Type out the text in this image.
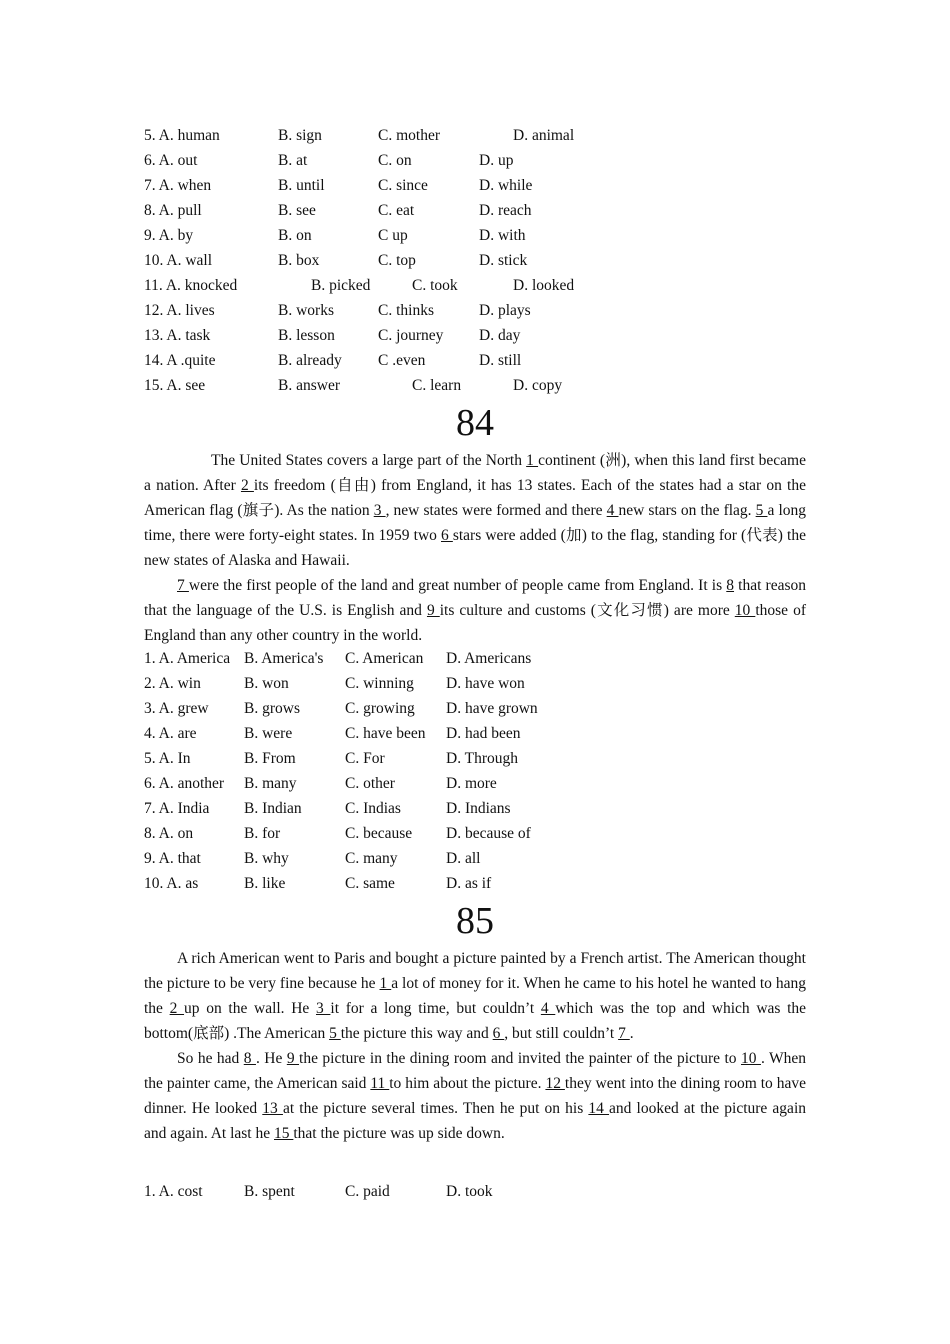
5. A. human	B. sign	C. mother	D. animal
6. A. out	B. at	C. on	D. up
7. A. when	B. until	C. since	D. while
8. A. pull	B. see	C. eat	D. reach
9. A. by	B. on	C up	D. with
10. A. wall	B. box	C. top	D. stick
11. A. knocked	B. picked	C. took	D. looked
12. A. lives	B. works	C. thinks	D. plays
13. A. task	B. lesson	C. journey D. day
14. A .quite	B. already C .even	D. still
15. A. see	B. answer	C. learn	D. copy
84

The United States covers a large part of the North 1 continent (洲), when this land first became a nation. After 2 its freedom (自由) from England, it has 13 states. Each of the states had a star on the American flag (旗子). As the nation 3 , new states were formed and there 4 new stars on the flag. 5 a long time, there were forty-eight states. In 1959 two 6 stars were added (加) to the flag, standing for (代表) the new states of Alaska and Hawaii.

7 were the first people of the land and great number of people came from England. It is 8 that reason that the language of the U.S. is English and 9 its culture and customs (文化习惯) are more 10 those of England than any other country in the world.

1. A. America B. America's C. American D. Americans
2. A. win	B. won	C. winning D. have won
3. A. grew B. grows	C. growing D. have grown
4. A. are	B. were	C. have been D. had been
5. A. In	B. From	C. For	D. Through
6. A. another B. many	C. other	D. more
7. A. India B. Indian	C. Indias	D. Indians
8. A. on	B. for	C. because D. because of
9. A. that	B. why	C. many	D. all
10. A. as	B. like	C. same	D. as if
85

A rich American went to Paris and bought a picture painted by a French artist. The American thought the picture to be very fine because he 1 a lot of money for it. When he came to his hotel he wanted to hang the 2 up on the wall. He 3 it for a long time, but couldn’t 4 which was the top and which was the bottom(底部) .The American 5 the picture this way and 6 , but still couldn’t 7 .

So he had 8 . He 9 the picture in the dining room and invited the painter of the picture to 10 . When the painter came, the American said 11 to him about the picture. 12 they went into the dining room to have dinner. He looked 13 at the picture several times. Then he put on his 14 and looked at the picture again and again. At last he 15 that the picture was up side down.

1. A. cost	B. spent	C. paid	D. took
